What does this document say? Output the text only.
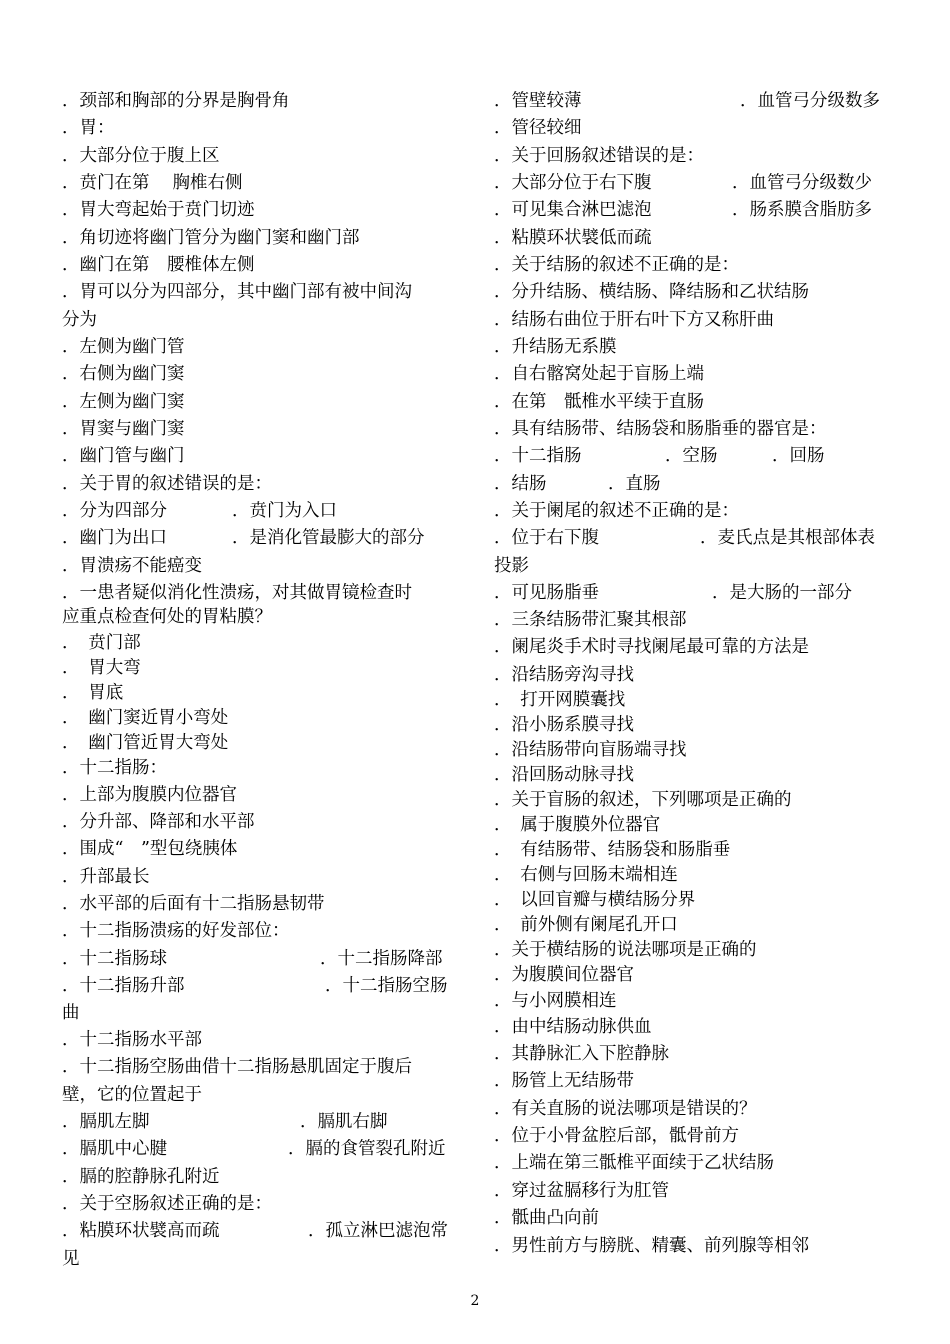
．颈部和胸部的分界是胸骨角
．胃：
．大部分位于腹上区
．贲门在第　 胸椎右侧
．胃大弯起始于贲门切迹
．角切迹将幽门管分为幽门窦和幽门部
．幽门在第　腰椎体左侧
．胃可以分为四部分，其中幽门部有被中间沟
分为
．左侧为幽门管
．右侧为幽门窦
．左侧为幽门窦
．胃窦与幽门窦
．幽门管与幽门
．关于胃的叙述错误的是：
．分为四部分	．贲门为入口
．幽门为出口	．是消化管最膨大的部分
．胃溃疡不能癌变
．一患者疑似消化性溃疡，对其做胃镜检查时
应重点检查何处的胃粘膜？
．　贲门部
．　胃大弯
．　胃底
．　幽门窦近胃小弯处
．　幽门管近胃大弯处
．十二指肠：
．上部为腹膜内位器官
．分升部、降部和水平部
．围成“　”型包绕胰体
．升部最长
．水平部的后面有十二指肠悬韧带
．十二指肠溃疡的好发部位：
．十二指肠球	．十二指肠降部
．十二指肠升部	．十二指肠空肠
曲
．十二指肠水平部
．十二指肠空肠曲借十二指肠悬肌固定于腹后
壁，它的位置起于
．膈肌左脚	．膈肌右脚
．膈肌中心腱	．膈的食管裂孔附近
．膈的腔静脉孔附近
．关于空肠叙述正确的是：
．粘膜环状襞高而疏	．孤立淋巴滤泡常
见
．管壁较薄	．血管弓分级数多
．管径较细
．关于回肠叙述错误的是：
．大部分位于右下腹	．血管弓分级数少
．可见集合淋巴滤泡	．肠系膜含脂肪多
．粘膜环状襞低而疏
．关于结肠的叙述不正确的是：
．分升结肠、横结肠、降结肠和乙状结肠
．结肠右曲位于肝右叶下方又称肝曲
．升结肠无系膜
．自右髂窝处起于盲肠上端
．在第　骶椎水平续于直肠
．具有结肠带、结肠袋和肠脂垂的器官是：
．十二指肠	．空肠	．回肠
．结肠	．直肠
．关于阑尾的叙述不正确的是：
．位于右下腹	．麦氏点是其根部体表
投影
．可见肠脂垂	．是大肠的一部分
．三条结肠带汇聚其根部
．阑尾炎手术时寻找阑尾最可靠的方法是
．沿结肠旁沟寻找
．　打开网膜囊找
．沿小肠系膜寻找
．沿结肠带向盲肠端寻找
．沿回肠动脉寻找
．关于盲肠的叙述，下列哪项是正确的
．　属于腹膜外位器官
．　有结肠带、结肠袋和肠脂垂
．　右侧与回肠末端相连
．　以回盲瓣与横结肠分界
．　前外侧有阑尾孔开口
．关于横结肠的说法哪项是正确的
．为腹膜间位器官
．与小网膜相连
．由中结肠动脉供血
．其静脉汇入下腔静脉
．肠管上无结肠带
．有关直肠的说法哪项是错误的？
．位于小骨盆腔后部，骶骨前方
．上端在第三骶椎平面续于乙状结肠
．穿过盆膈移行为肛管
．骶曲凸向前
．男性前方与膀胱、精囊、前列腺等相邻
2
